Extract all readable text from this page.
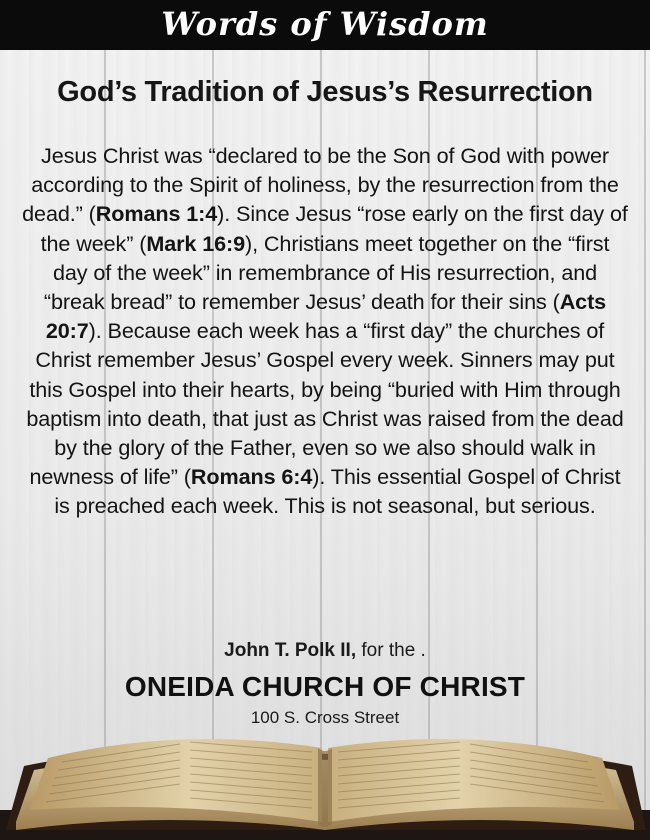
Words of Wisdom
God’s Tradition of Jesus’s Resurrection
Jesus Christ was “declared to be the Son of God with power according to the Spirit of holiness, by the resurrection from the dead.” (Romans 1:4). Since Jesus “rose early on the first day of the week” (Mark 16:9), Christians meet together on the “first day of the week” in remembrance of His resurrection, and “break bread” to remember Jesus’ death for their sins (Acts 20:7). Because each week has a “first day” the churches of Christ remember Jesus’ Gospel every week. Sinners may put this Gospel into their hearts, by being “buried with Him through baptism into death, that just as Christ was raised from the dead by the glory of the Father, even so we also should walk in newness of life” (Romans 6:4). This essential Gospel of Christ is preached each week. This is not seasonal, but serious.
John T. Polk II, for the .
ONEIDA CHURCH OF CHRIST
100 S. Cross Street
